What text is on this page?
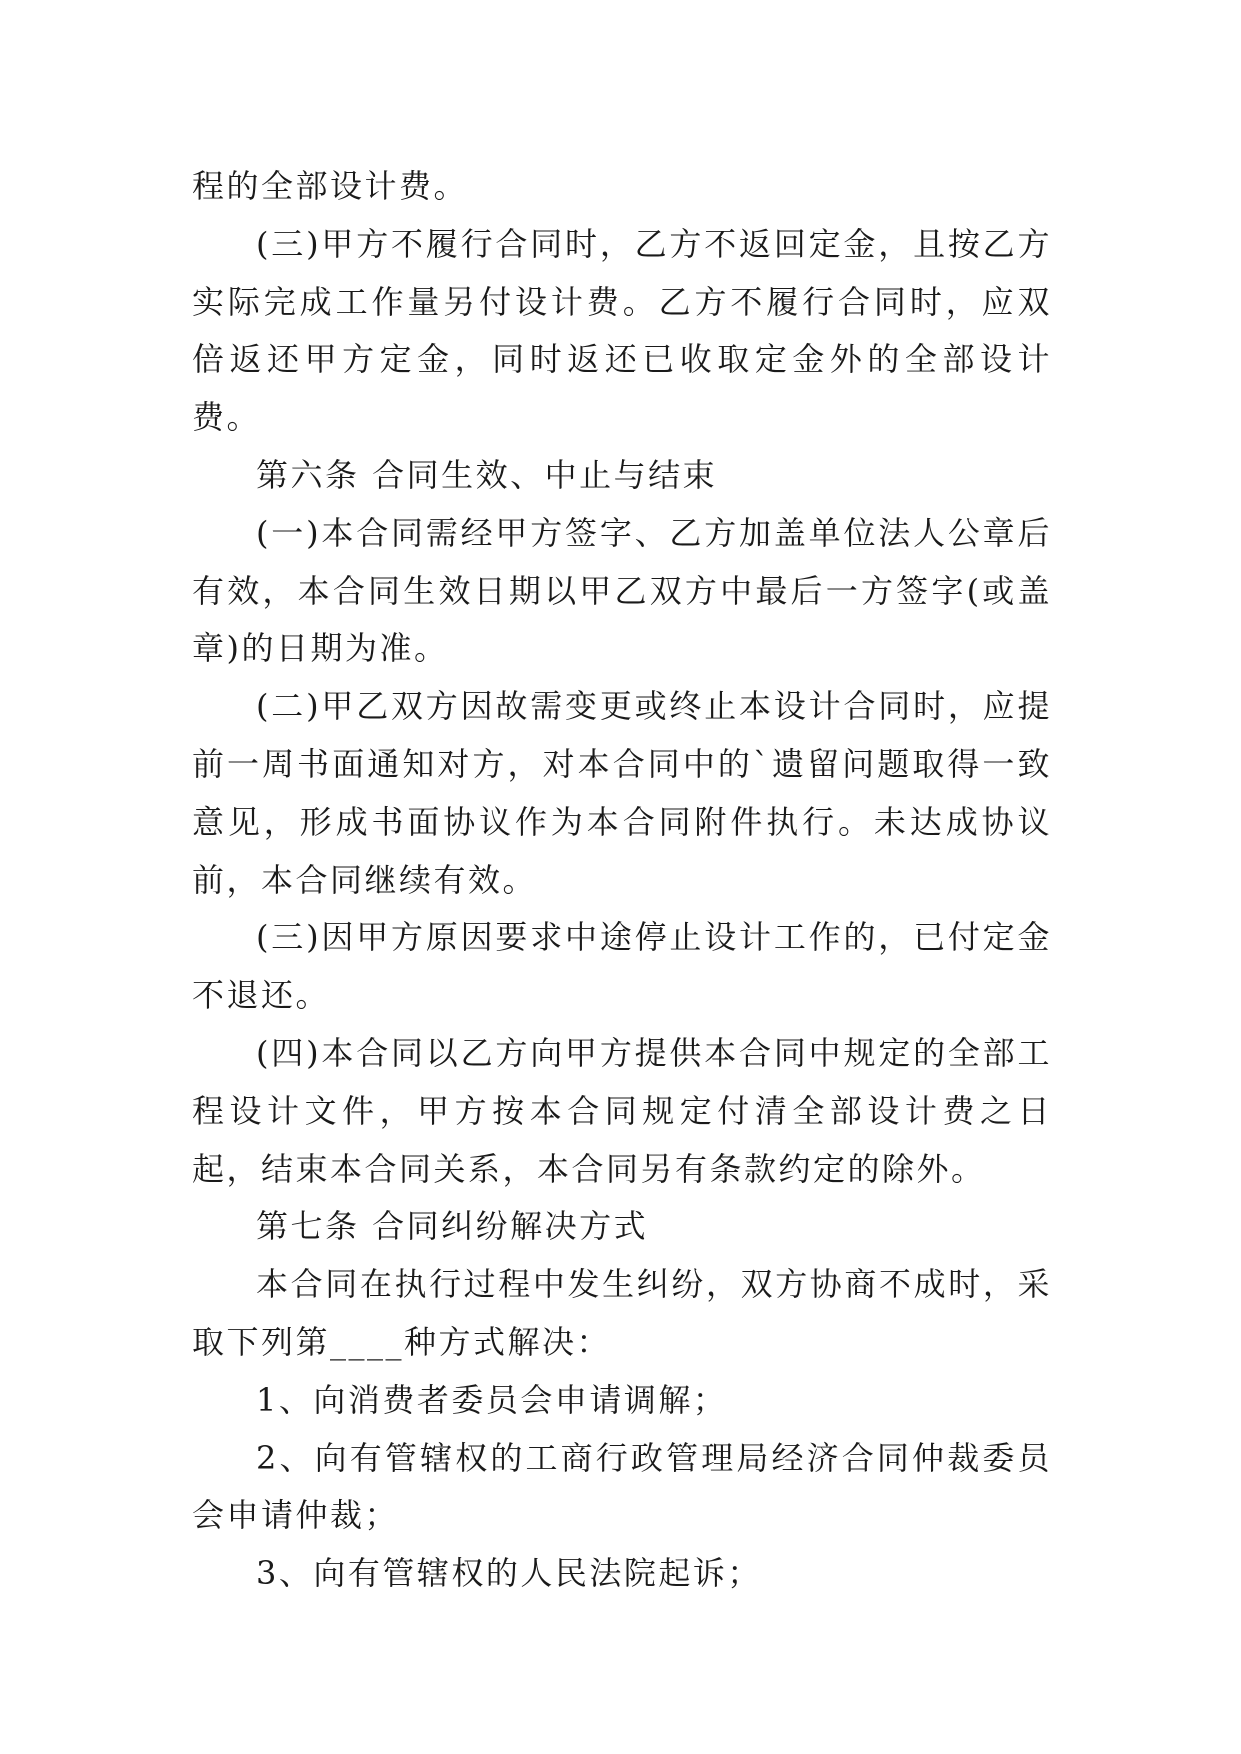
程的全部设计费。

(三)甲方不履行合同时，乙方不返回定金，且按乙方实际完成工作量另付设计费。乙方不履行合同时，应双倍返还甲方定金，同时返还已收取定金外的全部设计费。

第六条 合同生效、中止与结束

(一)本合同需经甲方签字、乙方加盖单位法人公章后有效，本合同生效日期以甲乙双方中最后一方签字(或盖章)的日期为准。

(二)甲乙双方因故需变更或终止本设计合同时，应提前一周书面通知对方，对本合同中的`遗留问题取得一致意见，形成书面协议作为本合同附件执行。未达成协议前，本合同继续有效。

(三)因甲方原因要求中途停止设计工作的，已付定金不退还。

(四)本合同以乙方向甲方提供本合同中规定的全部工程设计文件，甲方按本合同规定付清全部设计费之日起，结束本合同关系，本合同另有条款约定的除外。

第七条 合同纠纷解决方式

本合同在执行过程中发生纠纷，双方协商不成时，采取下列第____种方式解决：

1、向消费者委员会申请调解；

2、向有管辖权的工商行政管理局经济合同仲裁委员会申请仲裁；

3、向有管辖权的人民法院起诉；
